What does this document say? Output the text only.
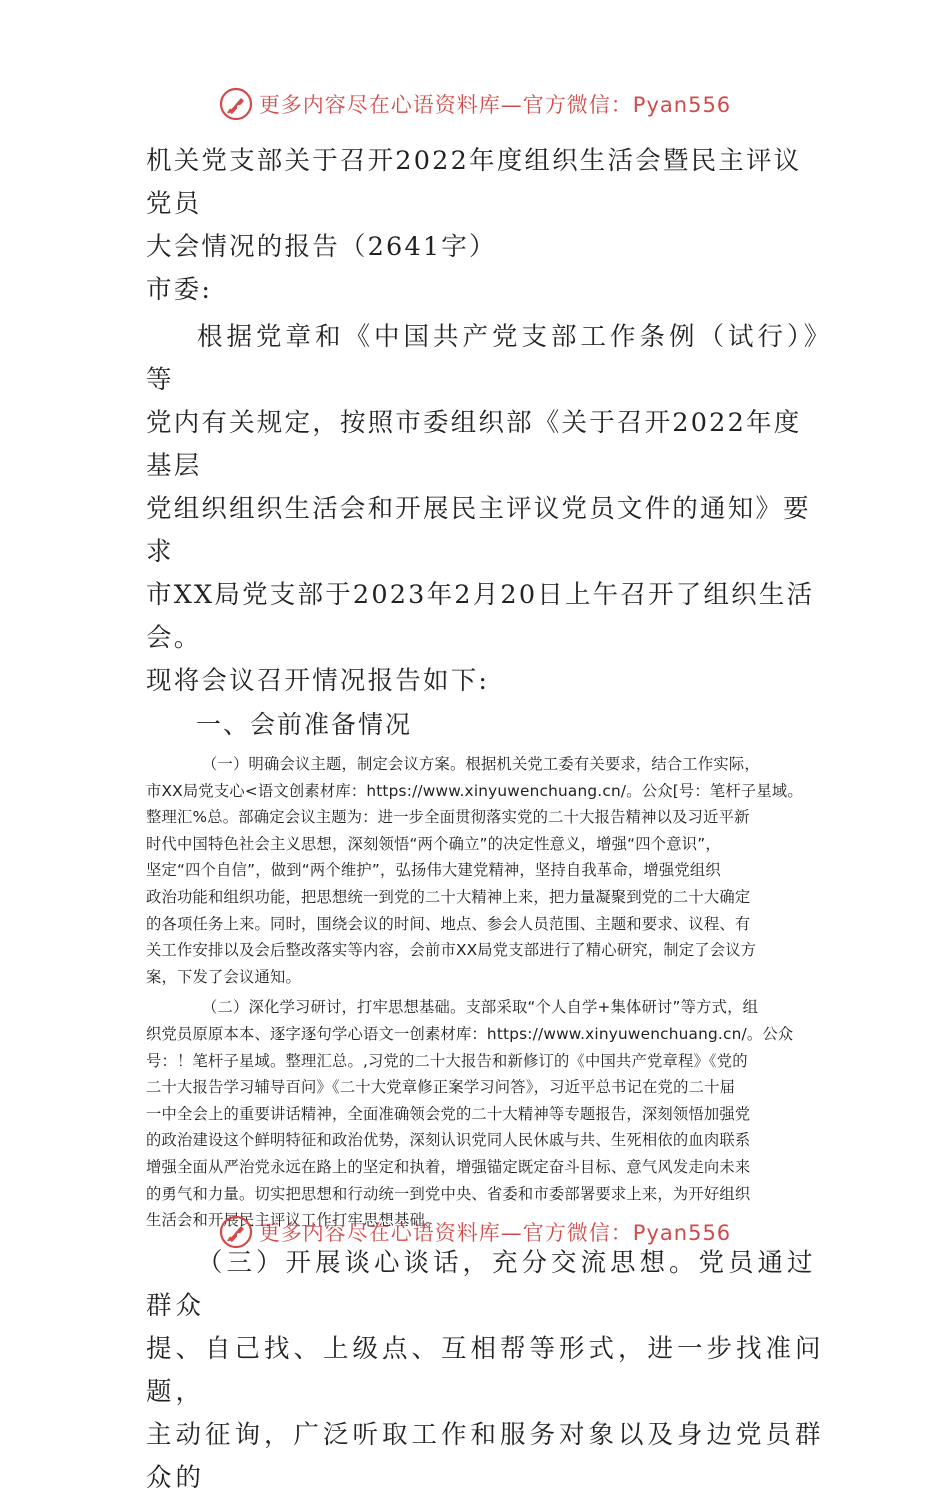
更多内容尽在心语资料库—官方微信：Pyan556

机关党支部关于召开2022年度组织生活会暨民主评议党员

大会情况的报告（2641字）

市委:

根据党章和《中国共产党支部工作条例（试行）》等

党内有关规定，按照市委组织部《关于召开2022年度基层

党组织组织生活会和开展民主评议党员文件的通知》要求

市XX局党支部于2023年2月20日上午召开了组织生活会。

现将会议召开情况报告如下:

一、会前准备情况

（一）明确会议主题，制定会议方案。根据机关党工委有关要求，结合工作实际，

市XX局党支心<语文创素材库：https://www.xinyuwenchuang.cn/。公众[号：笔杆子星域。

整理汇%总。部确定会议主题为：进一步全面贯彻落实党的二十大报告精神以及习近平新

时代中国特色社会主义思想，深刻领悟“两个确立”的决定性意义，增强“四个意识”，

坚定“四个自信”，做到“两个维护”，弘扬伟大建党精神，坚持自我革命，增强党组织

政治功能和组织功能，把思想统一到党的二十大精神上来，把力量凝聚到党的二十大确定

的各项任务上来。同时，围绕会议的时间、地点、参会人员范围、主题和要求、议程、有

关工作安排以及会后整改落实等内容，会前市XX局党支部进行了精心研究，制定了会议方

案，下发了会议通知。

（二）深化学习研讨，打牢思想基础。支部采取“个人自学+集体研讨”等方式，组

织党员原原本本、逐字逐句学心语文一创素材库：https://www.xinyuwenchuang.cn/。公众

号：！笔杆子星域。整理汇总。,习党的二十大报告和新修订的《中国共产党章程》《党的

二十大报告学习辅导百问》《二十大党章修正案学习问答》，习近平总书记在党的二十届

一中全会上的重要讲话精神，全面准确领会党的二十大精神等专题报告，深刻领悟加强党

的政治建设这个鲜明特征和政治优势，深刻认识党同人民休戚与共、生死相依的血肉联系

增强全面从严治党永远在路上的坚定和执着，增强锚定既定奋斗目标、意气风发走向未来

的勇气和力量。切实把思想和行动统一到党中央、省委和市委部署要求上来，为开好组织

生活会和开展民主评议工作打牢思想基础。

（三）开展谈心谈话，充分交流思想。党员通过群众

提、自己找、上级点、互相帮等形式，进一步找准问题，

主动征询，广泛听取工作和服务对象以及身边党员群众的

更多内容尽在心语资料库—官方微信：Pyan556
